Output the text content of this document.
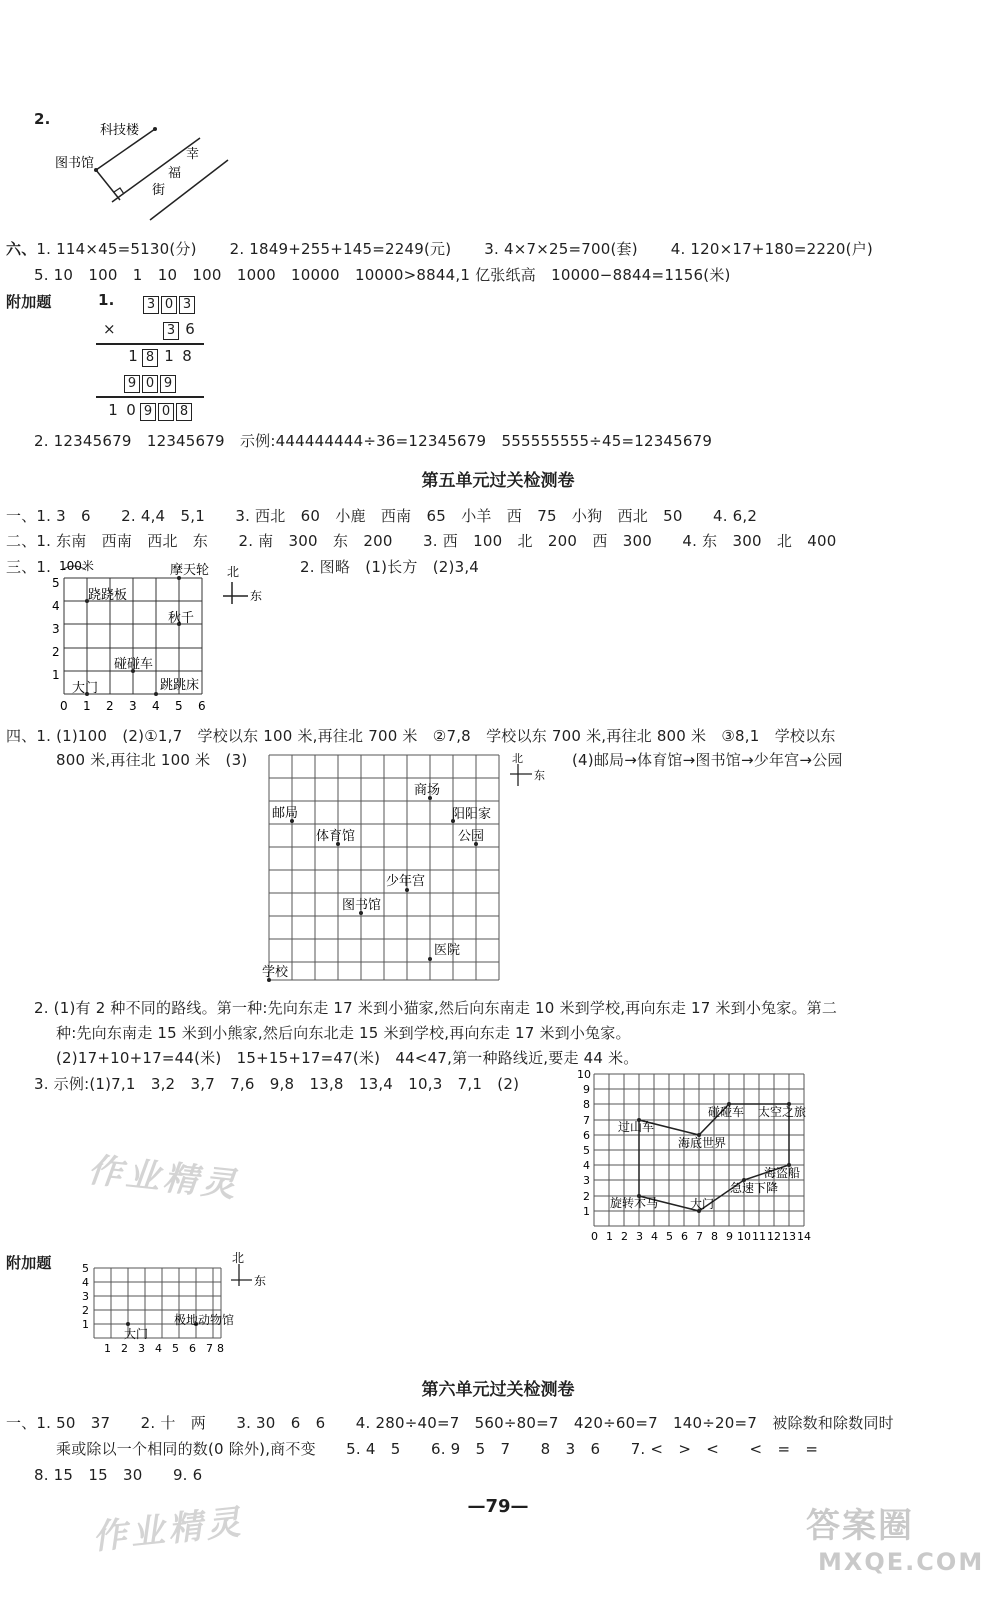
2.
科技楼
图书馆
幸
福
街
六、1. 114×45=5130(分) 2. 1849+255+145=2249(元) 3. 4×7×25=700(套) 4. 120×17+180=2220(户)
5. 10　100　1　10　100　1000　10000　10000>8844,1 亿张纸高　10000−8844=1156(米)
附加题	1. 3 0 3
×	3 6
1 8 1 8
9 0 9
1 0 9 0 8
2. 12345679　12345679　示例:444444444÷36=12345679　555555555÷45=12345679
第五单元过关检测卷
一、1. 3　6　　2. 4,4　5,1　　3. 西北　60　小鹿　西南　65　小羊　西　75　小狗　西北　50　　4. 6,2
二、1. 东南　西南　西北　东　　2. 南　300　东　200　　3. 西　100　北　200　西　300　　4. 东　300　北　400
三、1.	2. 图略　(1)长方　(2)3,4
100米
1
2
3
4
5
0 1 2 3 4 5 6
摩天轮
跷跷板
秋千
碰碰车
大门	跳跳床
北
东
四、1. (1)100　(2)①1,7　学校以东 100 米,再往北 700 米　②7,8　学校以东 700 米,再往北 800 米　③8,1　学校以东
800 米,再往北 100 米　(3)	(4)邮局→体育馆→图书馆→少年宫→公园
商场
邮局	阳阳家
体育馆	公园
少年宫
图书馆
医院
学校
北
东
2. (1)有 2 种不同的路线。第一种:先向东走 17 米到小猫家,然后向东南走 10 米到学校,再向东走 17 米到小兔家。第二
种:先向东南走 15 米到小熊家,然后向东北走 15 米到学校,再向东走 17 米到小兔家。
(2)17+10+17=44(米)　15+15+17=47(米)　44<47,第一种路线近,要走 44 米。
3. 示例:(1)7,1　3,2　3,7　7,6　9,8　13,8　13,4　10,3　7,1　(2)
过山车
碰碰车 太空之旅
海底世界
海盗船
急速下降
旋转木马	大门
1
2
3
4
5
6
7
8
9
10
0 1 2 3 4 5 6 7 8 9 10 11 12 13 14
附加题
大门
极地动物馆
5
4
3
2
1
1 2 3 4 5 6 7 8
北
东
第六单元过关检测卷
一、1. 50　37　　2. 十　两　　3. 30　6　6　　4. 280÷40=7　560÷80=7　420÷60=7　140÷20=7　被除数和除数同时
乘或除以一个相同的数(0 除外),商不变　　5. 4　5　　6. 9　5　7　　8　3　6　　7. <　>　<　　<　=　=
8. 15　15　30　　9. 6
作业精灵
作业精灵	—79—	答案圈
MXQE.COM
